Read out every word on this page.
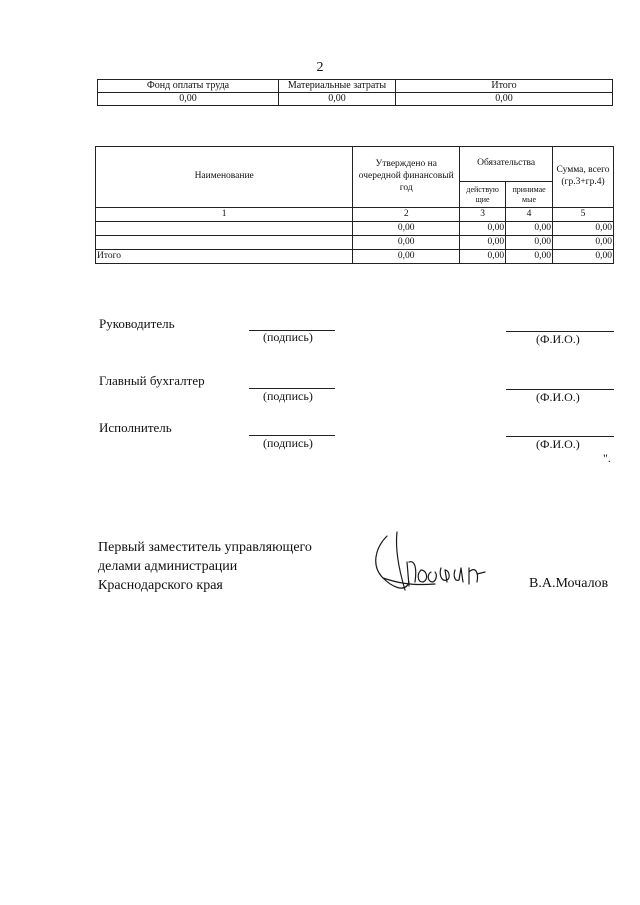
2
Фонд оплаты труда	Материальные затраты	Итого
0,00	0,00	0,00
Наименование	Утверждено на очередной финансовый год	Обязательства		Сумма, всего (гр.3+гр.4)
		действую щие	принимае мые	
1	2	3	4	5
	0,00	0,00	0,00	0,00
	0,00	0,00	0,00	0,00
Итого	0,00	0,00	0,00	0,00
Руководитель
(подпись)	(Ф.И.О.)
Главный бухгалтер
(подпись)	(Ф.И.О.)
Исполнитель
(подпись)	(Ф.И.О.)
".
Первый заместитель управляющего
делами администрации
Краснодарского края	В.А.Мочалов
